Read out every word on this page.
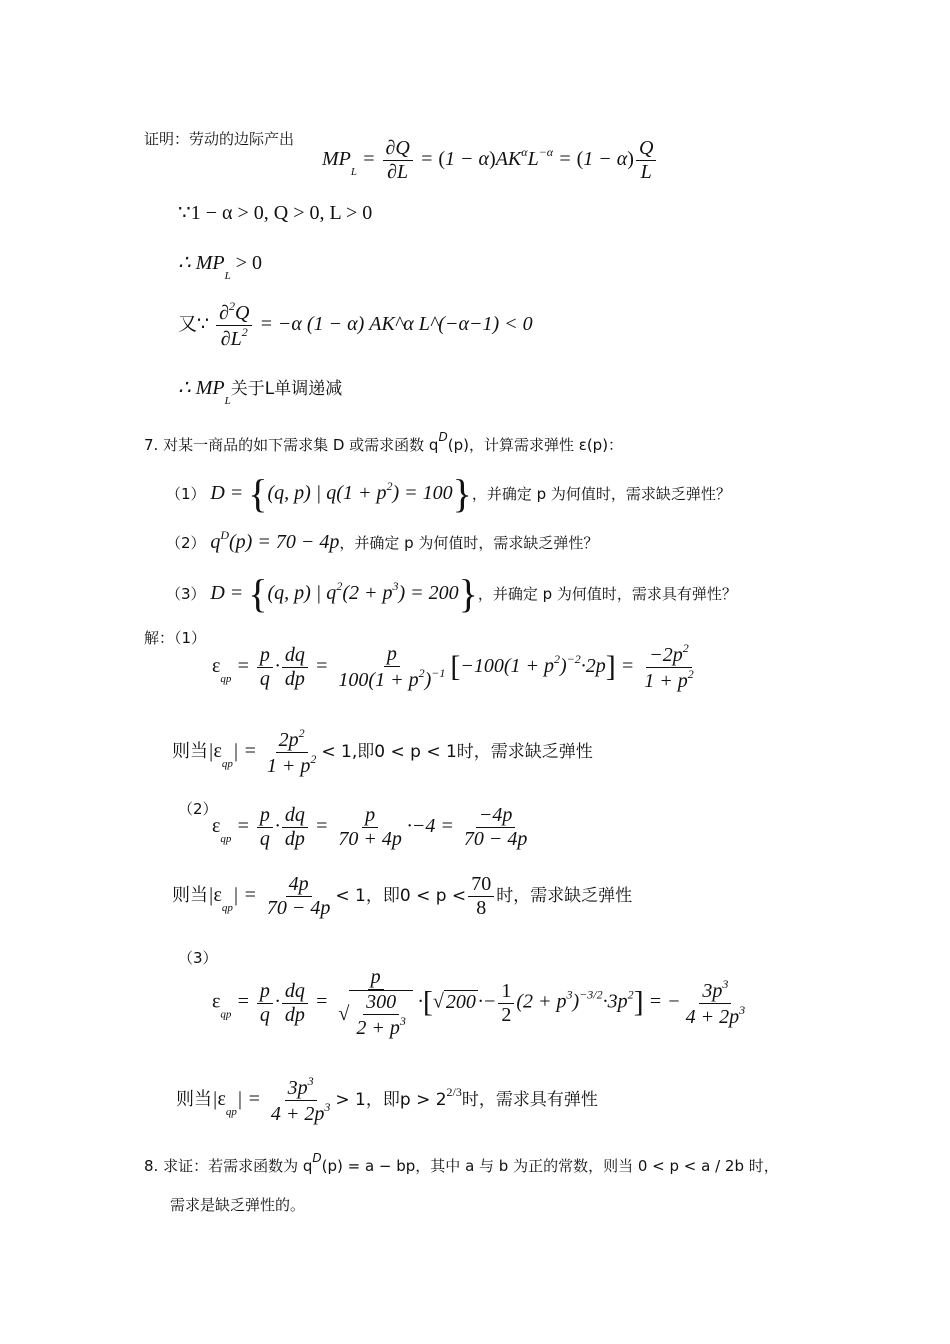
证明：劳动的边际产出
$MP_L = \frac{\partial Q}{\partial L} = (1 - \alpha)AK^\alpha L^{-\alpha} = (1 - \alpha) \frac{Q}{L}$
∵1 − α > 0, Q > 0, L > 0
∴ $MP_L > 0$
又∵ $\frac{\partial^2Q}{\partial L^2} = -\alpha$ (1 − α) AK^α L^(−α−1) < 0
∴ $MP_L$关于L单调递减
7. 对某一商品的如下需求集 D 或需求函数 $q^D(p)$，计算需求弹性 ε(p)：
（1） D = {(q, p) | $q(1 + p^2) = 100$}，并确定 p 为何值时，需求缺乏弹性？
（2） $q^D(p) = 70 - 4p$，并确定 p 为何值时，需求缺乏弹性？
（3） D = {(q, p) | $q^2(2 + p^3) = 200$}，并确定 p 为何值时，需求具有弹性？
解：（1）
$\varepsilon_{qp} = \frac{p}{q} \cdot \frac{dq}{dp} = \frac{p}{100(1 + p^2)^{-1}} [-100(1 + p^2)^{-2}\cdot 2p] = \frac{-2p^2}{1 + p^2}$
则当$|\varepsilon_{qp}| = \frac{2p^2}{1 + p^2} < 1$,即0 < p < 1时，需求缺乏弹性
（2）
$\varepsilon_{qp} = \frac{p}{q} \cdot \frac{dq}{dp} = \frac{p}{70 + 4p} \cdot-4 = \frac{-4p}{70 - 4p}$
则当$|\varepsilon_{qp}| = \frac{4p}{70 - 4p} < 1$，即$0 < p < \frac{70}{8}$ 时，需求缺乏弹性
（3）
$\varepsilon_{qp} = \frac{p}{q} \cdot \frac{dq}{dp} = \frac{p}{√ \frac{300}{2 + p^3}}$ ·[√ $200 \cdot- \frac{1}{2} (2 + p^3)^{-3/2}\cdot 3p^2$] = − $\frac{3p^3}{4 + 2p^3}$
则当$|\varepsilon_{qp}| = \frac{3p^3}{4 + 2p^3} > 1$，即$p > 2^{2/3}$时，需求具有弹性
8. 求证：若需求函数为 $q^D(p) = a$ − bp，其中 a 与 b 为正的常数，则当 0 < p < a / 2b 时，
需求是缺乏弹性的。
